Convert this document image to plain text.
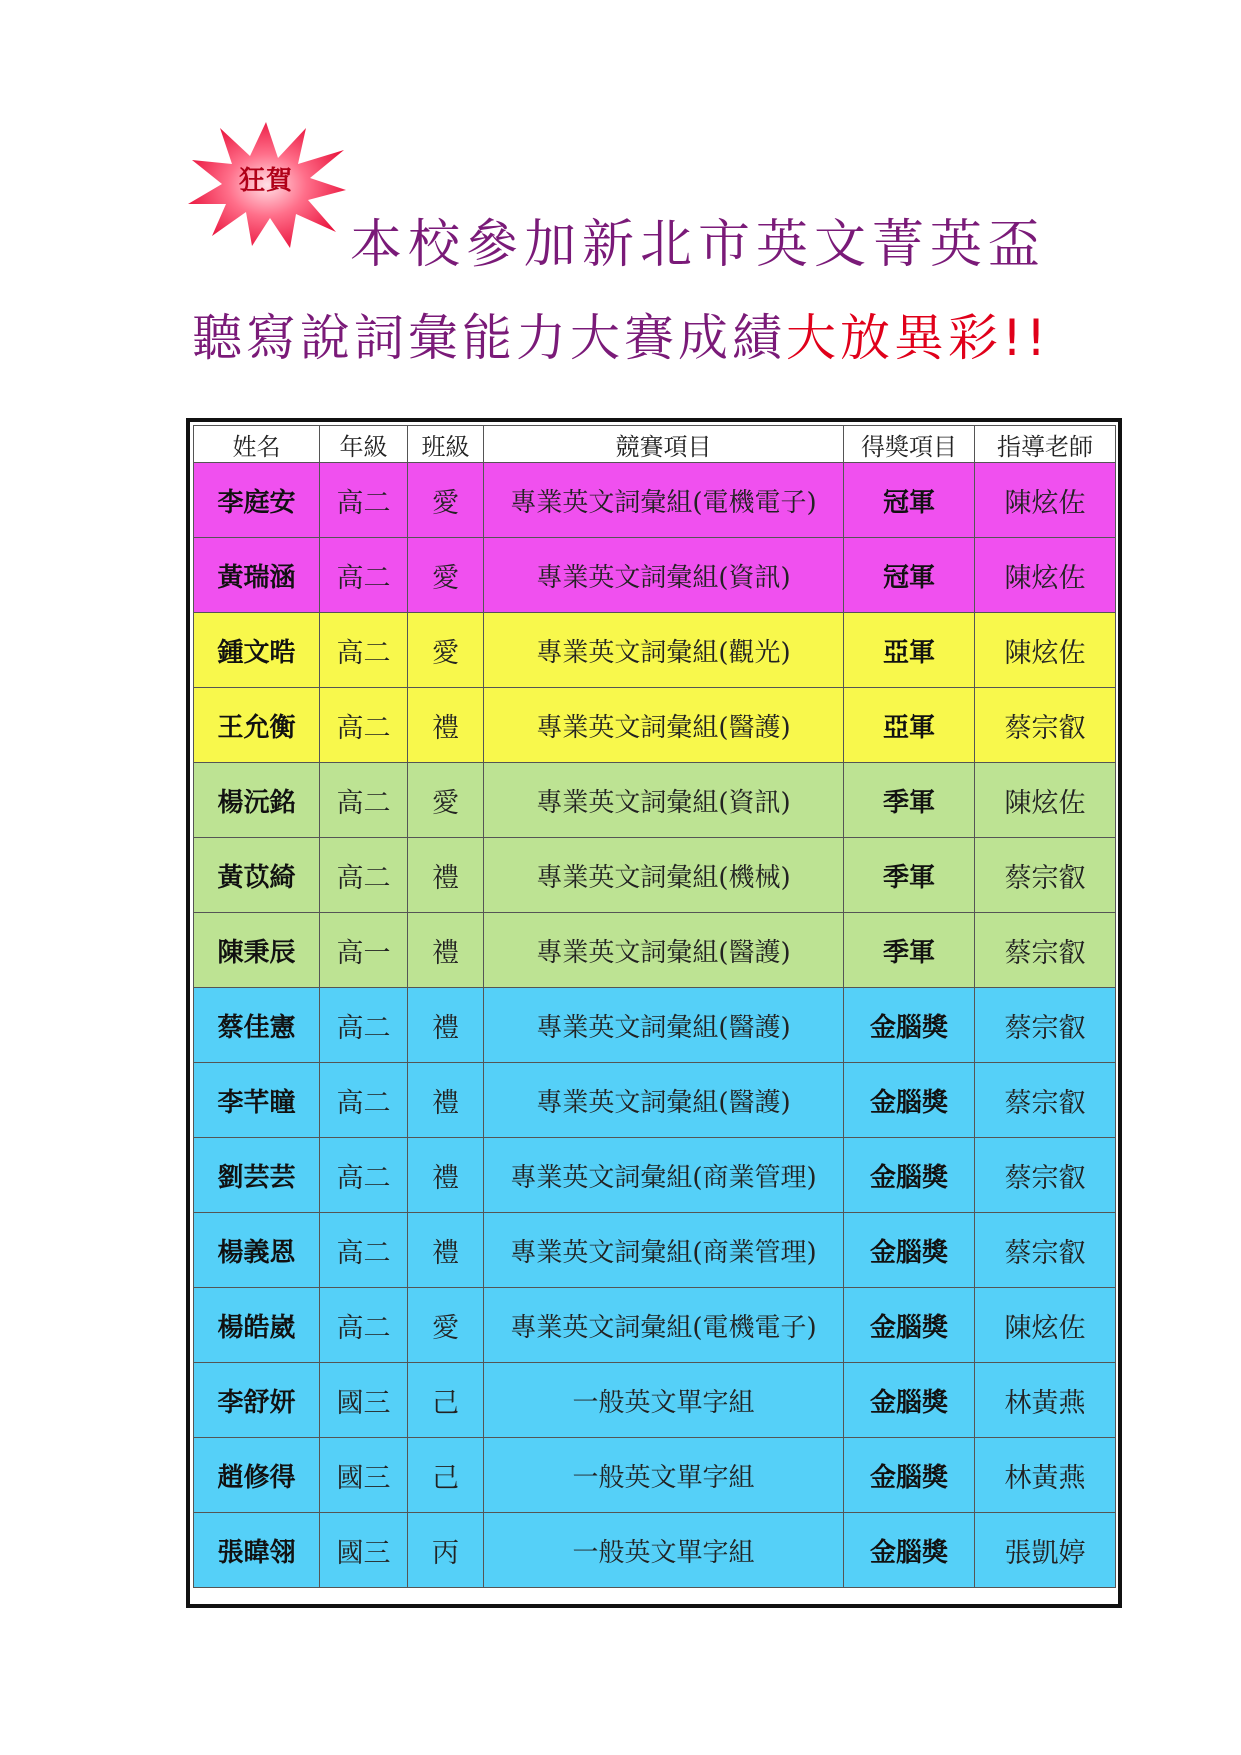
狂賀
本校參加新北市英文菁英盃
聽寫說詞彙能力大賽成績大放異彩!!
姓名	年級	班級	競賽項目	得獎項目	指導老師
李庭安	高二	愛	專業英文詞彙組(電機電子)	冠軍	陳炫佐
黃瑞涵	高二	愛	專業英文詞彙組(資訊)	冠軍	陳炫佐
鍾文晧	高二	愛	專業英文詞彙組(觀光)	亞軍	陳炫佐
王允衡	高二	禮	專業英文詞彙組(醫護)	亞軍	蔡宗叡
楊沅銘	高二	愛	專業英文詞彙組(資訊)	季軍	陳炫佐
黃苡綺	高二	禮	專業英文詞彙組(機械)	季軍	蔡宗叡
陳秉辰	高一	禮	專業英文詞彙組(醫護)	季軍	蔡宗叡
蔡佳憲	高二	禮	專業英文詞彙組(醫護)	金腦獎	蔡宗叡
李芊瞳	高二	禮	專業英文詞彙組(醫護)	金腦獎	蔡宗叡
劉芸芸	高二	禮	專業英文詞彙組(商業管理)	金腦獎	蔡宗叡
楊義恩	高二	禮	專業英文詞彙組(商業管理)	金腦獎	蔡宗叡
楊皓崴	高二	愛	專業英文詞彙組(電機電子)	金腦獎	陳炫佐
李舒妍	國三	己	一般英文單字組	金腦獎	林黃燕
趙修得	國三	己	一般英文單字組	金腦獎	林黃燕
張暐翎	國三	丙	一般英文單字組	金腦獎	張凱婷
